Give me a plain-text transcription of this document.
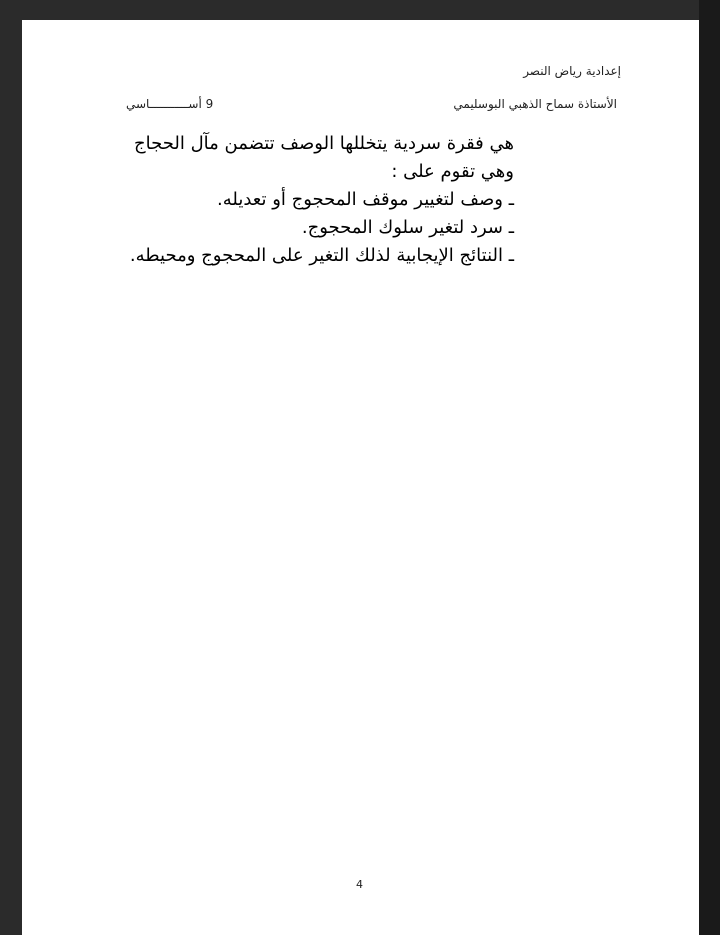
إعدادية رياض النصر
الأستاذة سماح الذهبي البوسليمي
9 أســـــــــــاسي

هي فقرة سردية يتخللها الوصف تتضمن مآل الحجاج

وهي تقوم على :

ـ وصف لتغيير موقف المحجوج أو تعديله.

ـ سرد لتغير سلوك المحجوج.

ـ النتائج الإيجابية لذلك التغير على المحجوج ومحيطه.

4
